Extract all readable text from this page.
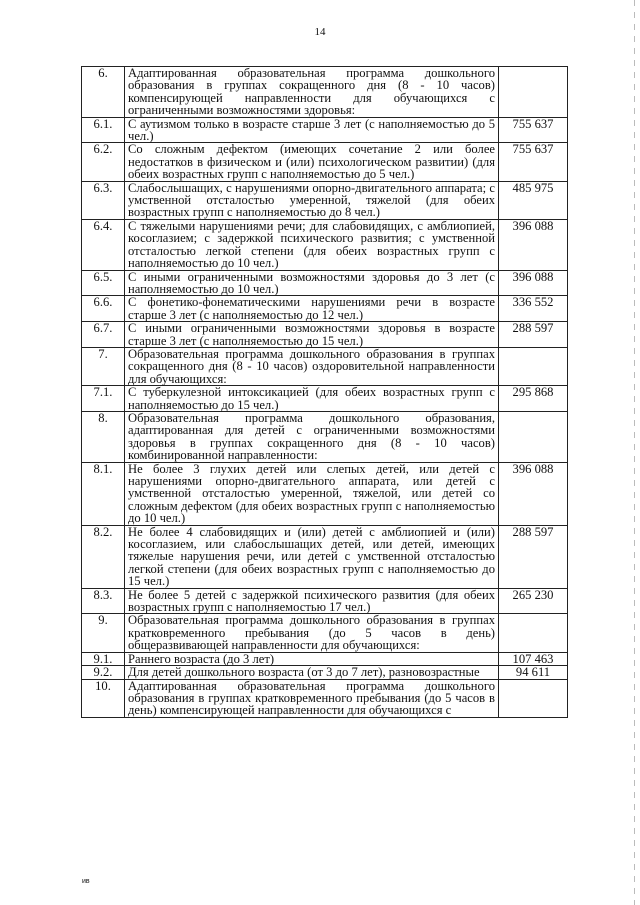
14
6.	Адаптированная образовательная программа дошкольного образования в группах сокращенного дня (8 - 10 часов) компенсирующей направленности для обучающихся с ограниченными возможностями здоровья:	
6.1.	С аутизмом только в возрасте старше 3 лет (с наполняемостью до 5 чел.)	755 637
6.2.	Со сложным дефектом (имеющих сочетание 2 или более недостатков в физическом и (или) психологическом развитии) (для обеих возрастных групп с наполняемостью до 5 чел.)	755 637
6.3.	Слабослышащих, с нарушениями опорно-двигательного аппарата; с умственной отсталостью умеренной, тяжелой (для обеих возрастных групп с наполняемостью до 8 чел.)	485 975
6.4.	С тяжелыми нарушениями речи; для слабовидящих, с амблиопией, косоглазием; с задержкой психического развития; с умственной отсталостью легкой степени (для обеих возрастных групп с наполняемостью до 10 чел.)	396 088
6.5.	С иными ограниченными возможностями здоровья до 3 лет (с наполняемостью до 10 чел.)	396 088
6.6.	С фонетико-фонематическими нарушениями речи в возрасте старше 3 лет (с наполняемостью до 12 чел.)	336 552
6.7.	С иными ограниченными возможностями здоровья в возрасте старше 3 лет (с наполняемостью до 15 чел.)	288 597
7.	Образовательная программа дошкольного образования в группах сокращенного дня (8 - 10 часов) оздоровительной направленности для обучающихся:	
7.1.	С туберкулезной интоксикацией (для обеих возрастных групп с наполняемостью до 15 чел.)	295 868
8.	Образовательная программа дошкольного образования, адаптированная для детей с ограниченными возможностями здоровья в группах сокращенного дня (8 - 10 часов) комбинированной направленности:	
8.1.	Не более 3 глухих детей или слепых детей, или детей с нарушениями опорно-двигательного аппарата, или детей с умственной отсталостью умеренной, тяжелой, или детей со сложным дефектом (для обеих возрастных групп с наполняемостью до 10 чел.)	396 088
8.2.	Не более 4 слабовидящих и (или) детей с амблиопией и (или) косоглазием, или слабослышащих детей, или детей, имеющих тяжелые нарушения речи, или детей с умственной отсталостью легкой степени (для обеих возрастных групп с наполняемостью до 15 чел.)	288 597
8.3.	Не более 5 детей с задержкой психического развития (для обеих возрастных групп с наполняемостью 17 чел.)	265 230
9.	Образовательная программа дошкольного образования в группах кратковременного пребывания (до 5 часов в день) общеразвивающей направленности для обучающихся:	
9.1.	Раннего возраста (до 3 лет)	107 463
9.2.	Для детей дошкольного возраста (от 3 до 7 лет), разновозрастные	94 611
10.	Адаптированная образовательная программа дошкольного образования в группах кратковременного пребывания (до 5 часов в день) компенсирующей направленности для обучающихся с	
ив
